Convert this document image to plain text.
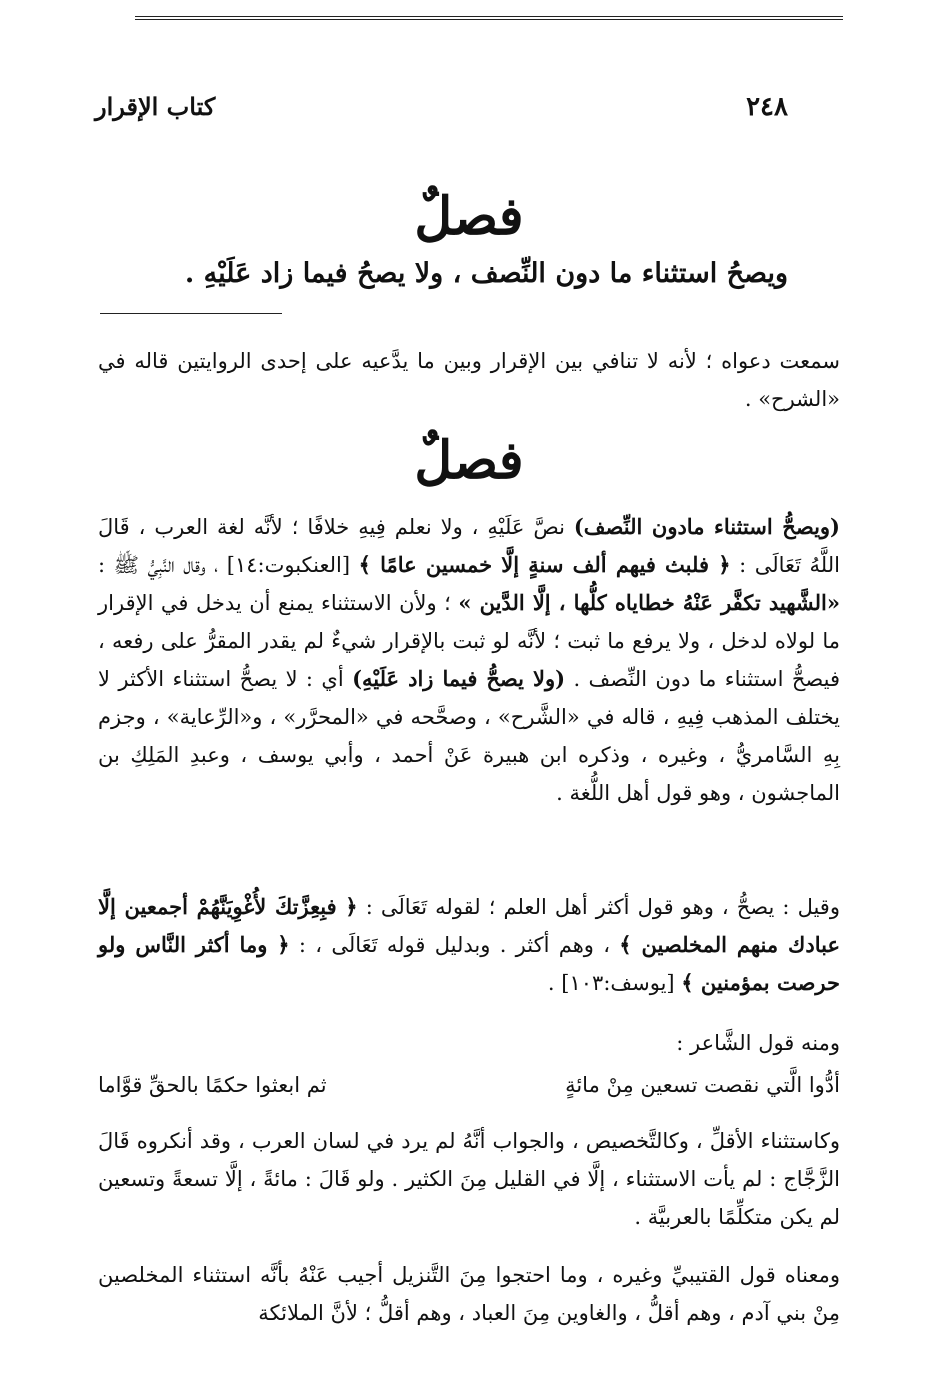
٢٤٨
كتاب الإقرار
فصلٌ
ويصحُ استثناء ما دون النِّصف ، ولا يصحُ فيما زاد عَلَيْهِ .
سمعت دعواه ؛ لأنه لا تنافي بين الإقرار وبين ما يدَّعيه على إحدى الروايتين قاله في «الشرح» .
فصلٌ
(ويصحُّ استثناء مادون النِّصف) نصَّ عَلَيْهِ ، ولا نعلم فِيهِ خلافًا ؛ لأنَّه لغة العرب ، قَالَ اللَّهُ تَعَالَى : ﴿ فلبث فيهم ألف سنةٍ إلَّا خمسين عامًا ﴾ [العنكبوت:١٤] ، وقال النَّبِيُّ ﷺ : «الشَّهيد تكفَّر عَنْهُ خطاياه كلُّها ، إلَّا الدَّين » ؛ ولأن الاستثناء يمنع أن يدخل في الإقرار ما لولاه لدخل ، ولا يرفع ما ثبت ؛ لأنَّه لو ثبت بالإقرار شيءٌ لم يقدر المقرُّ على رفعه ، فيصحُّ استثناء ما دون النِّصف . (ولا يصحُّ فيما زاد عَلَيْهِ) أي : لا يصحُّ استثناء الأكثر لا يختلف المذهب فِيهِ ، قاله في «الشَّرح» ، وصحَّحه في «المحرَّر» ، و«الرِّعاية» ، وجزم بِهِ السَّامريُّ ، وغيره ، وذكره ابن هبيرة عَنْ أحمد ، وأبي يوسف ، وعبدِ المَلِكِ بن الماجشون ، وهو قول أهل اللُّغة .
وقيل : يصحُّ ، وهو قول أكثر أهل العلم ؛ لقوله تَعَالَى : ﴿ فبِعِزَّتكَ لأُغْوِيَنَّهُمْ أجمعين إلَّا عبادك منهم المخلصين ﴾ ، وهم أكثر . وبدليل قوله تَعَالَى ، : ﴿ وما أكثر النَّاس ولو حرصت بمؤمنين ﴾ [يوسف:١٠٣] .
ومنه قول الشَّاعر :
أدُّوا الَّتي نقصت تسعين مِنْ مائةٍ
ثم ابعثوا حكمًا بالحقِّ قوَّاما
وكاستثناء الأقلِّ ، وكالتَّخصيص ، والجواب أنَّهُ لم يرد في لسان العرب ، وقد أنكروه قَالَ الزَّجَّاج : لم يأت الاستثناء ، إلَّا في القليل مِنَ الكثير . ولو قَالَ : مائةً ، إلَّا تسعةً وتسعين لم يكن متكلِّمًا بالعربيَّة .
ومعناه قول القتيبيِّ وغيره ، وما احتجوا مِنَ التَّنزيل أجيب عَنْهُ بأنَّه استثناء المخلصين مِنْ بني آدم ، وهم أقلُّ ، والغاوين مِنَ العباد ، وهم أقلُّ ؛ لأنَّ الملائكة
